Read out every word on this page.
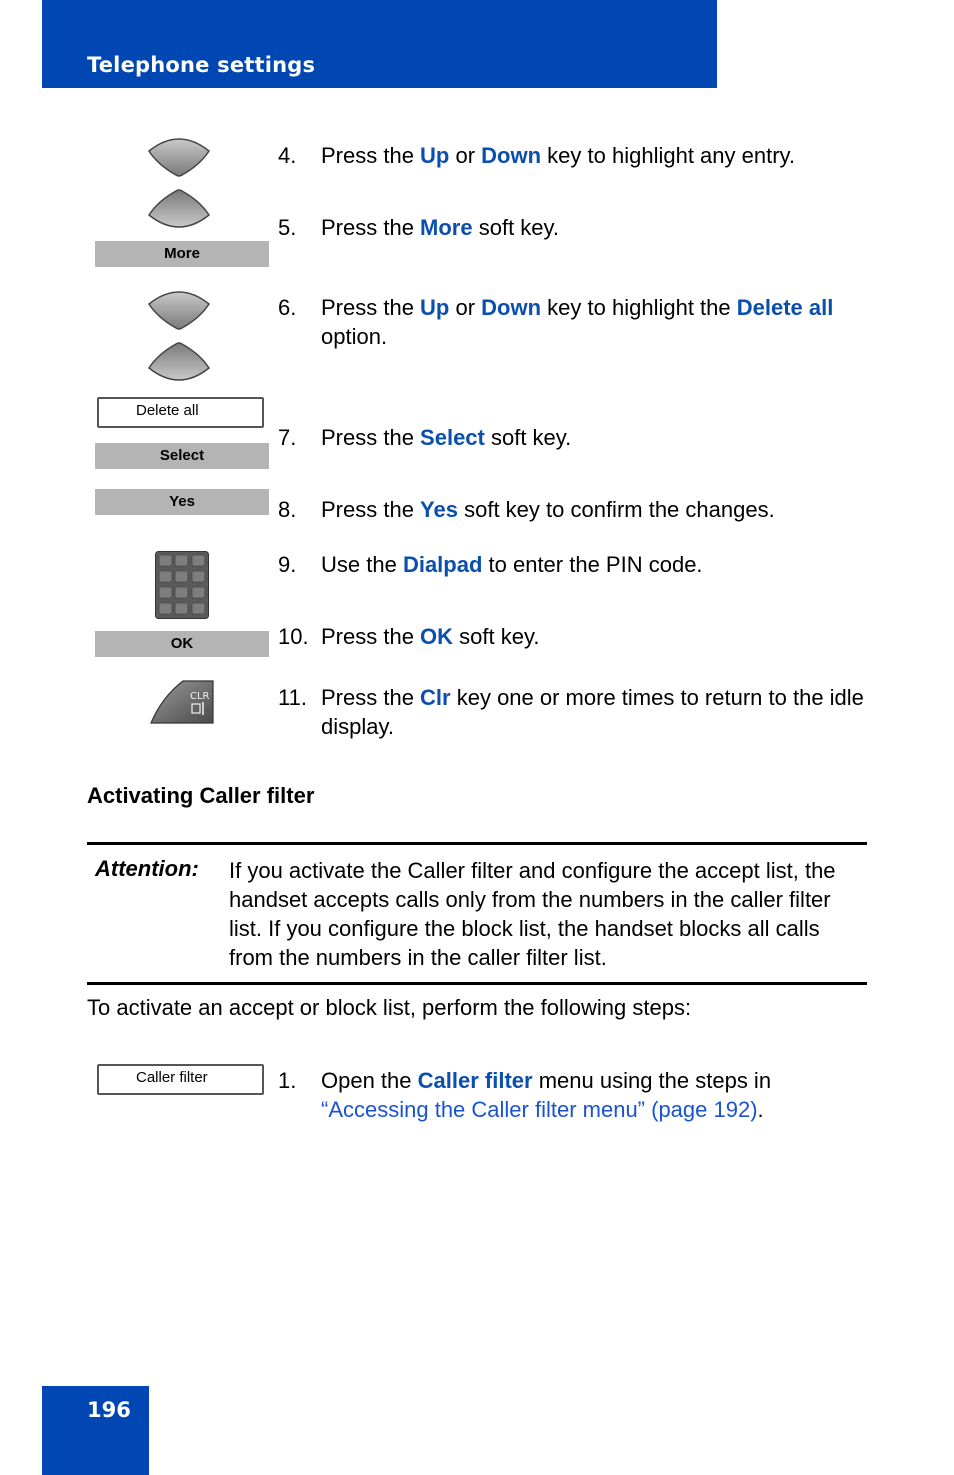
Telephone settings
More
Delete all
Select
Yes
OK
CLR
4. Press the Up or Down key to highlight any entry.
5. Press the More soft key.
6. Press the Up or Down key to highlight the Delete all option.
7. Press the Select soft key.
8. Press the Yes soft key to confirm the changes.
9. Use the Dialpad to enter the PIN code.
10. Press the OK soft key.
11. Press the Clr key one or more times to return to the idle display.
Activating Caller filter
Attention: If you activate the Caller filter and configure the accept list, the handset accepts calls only from the numbers in the caller filter list. If you configure the block list, the handset blocks all calls from the numbers in the caller filter list.
To activate an accept or block list, perform the following steps:
Caller filter	1. Open the Caller filter menu using the steps in “Accessing the Caller filter menu” (page 192).
196
